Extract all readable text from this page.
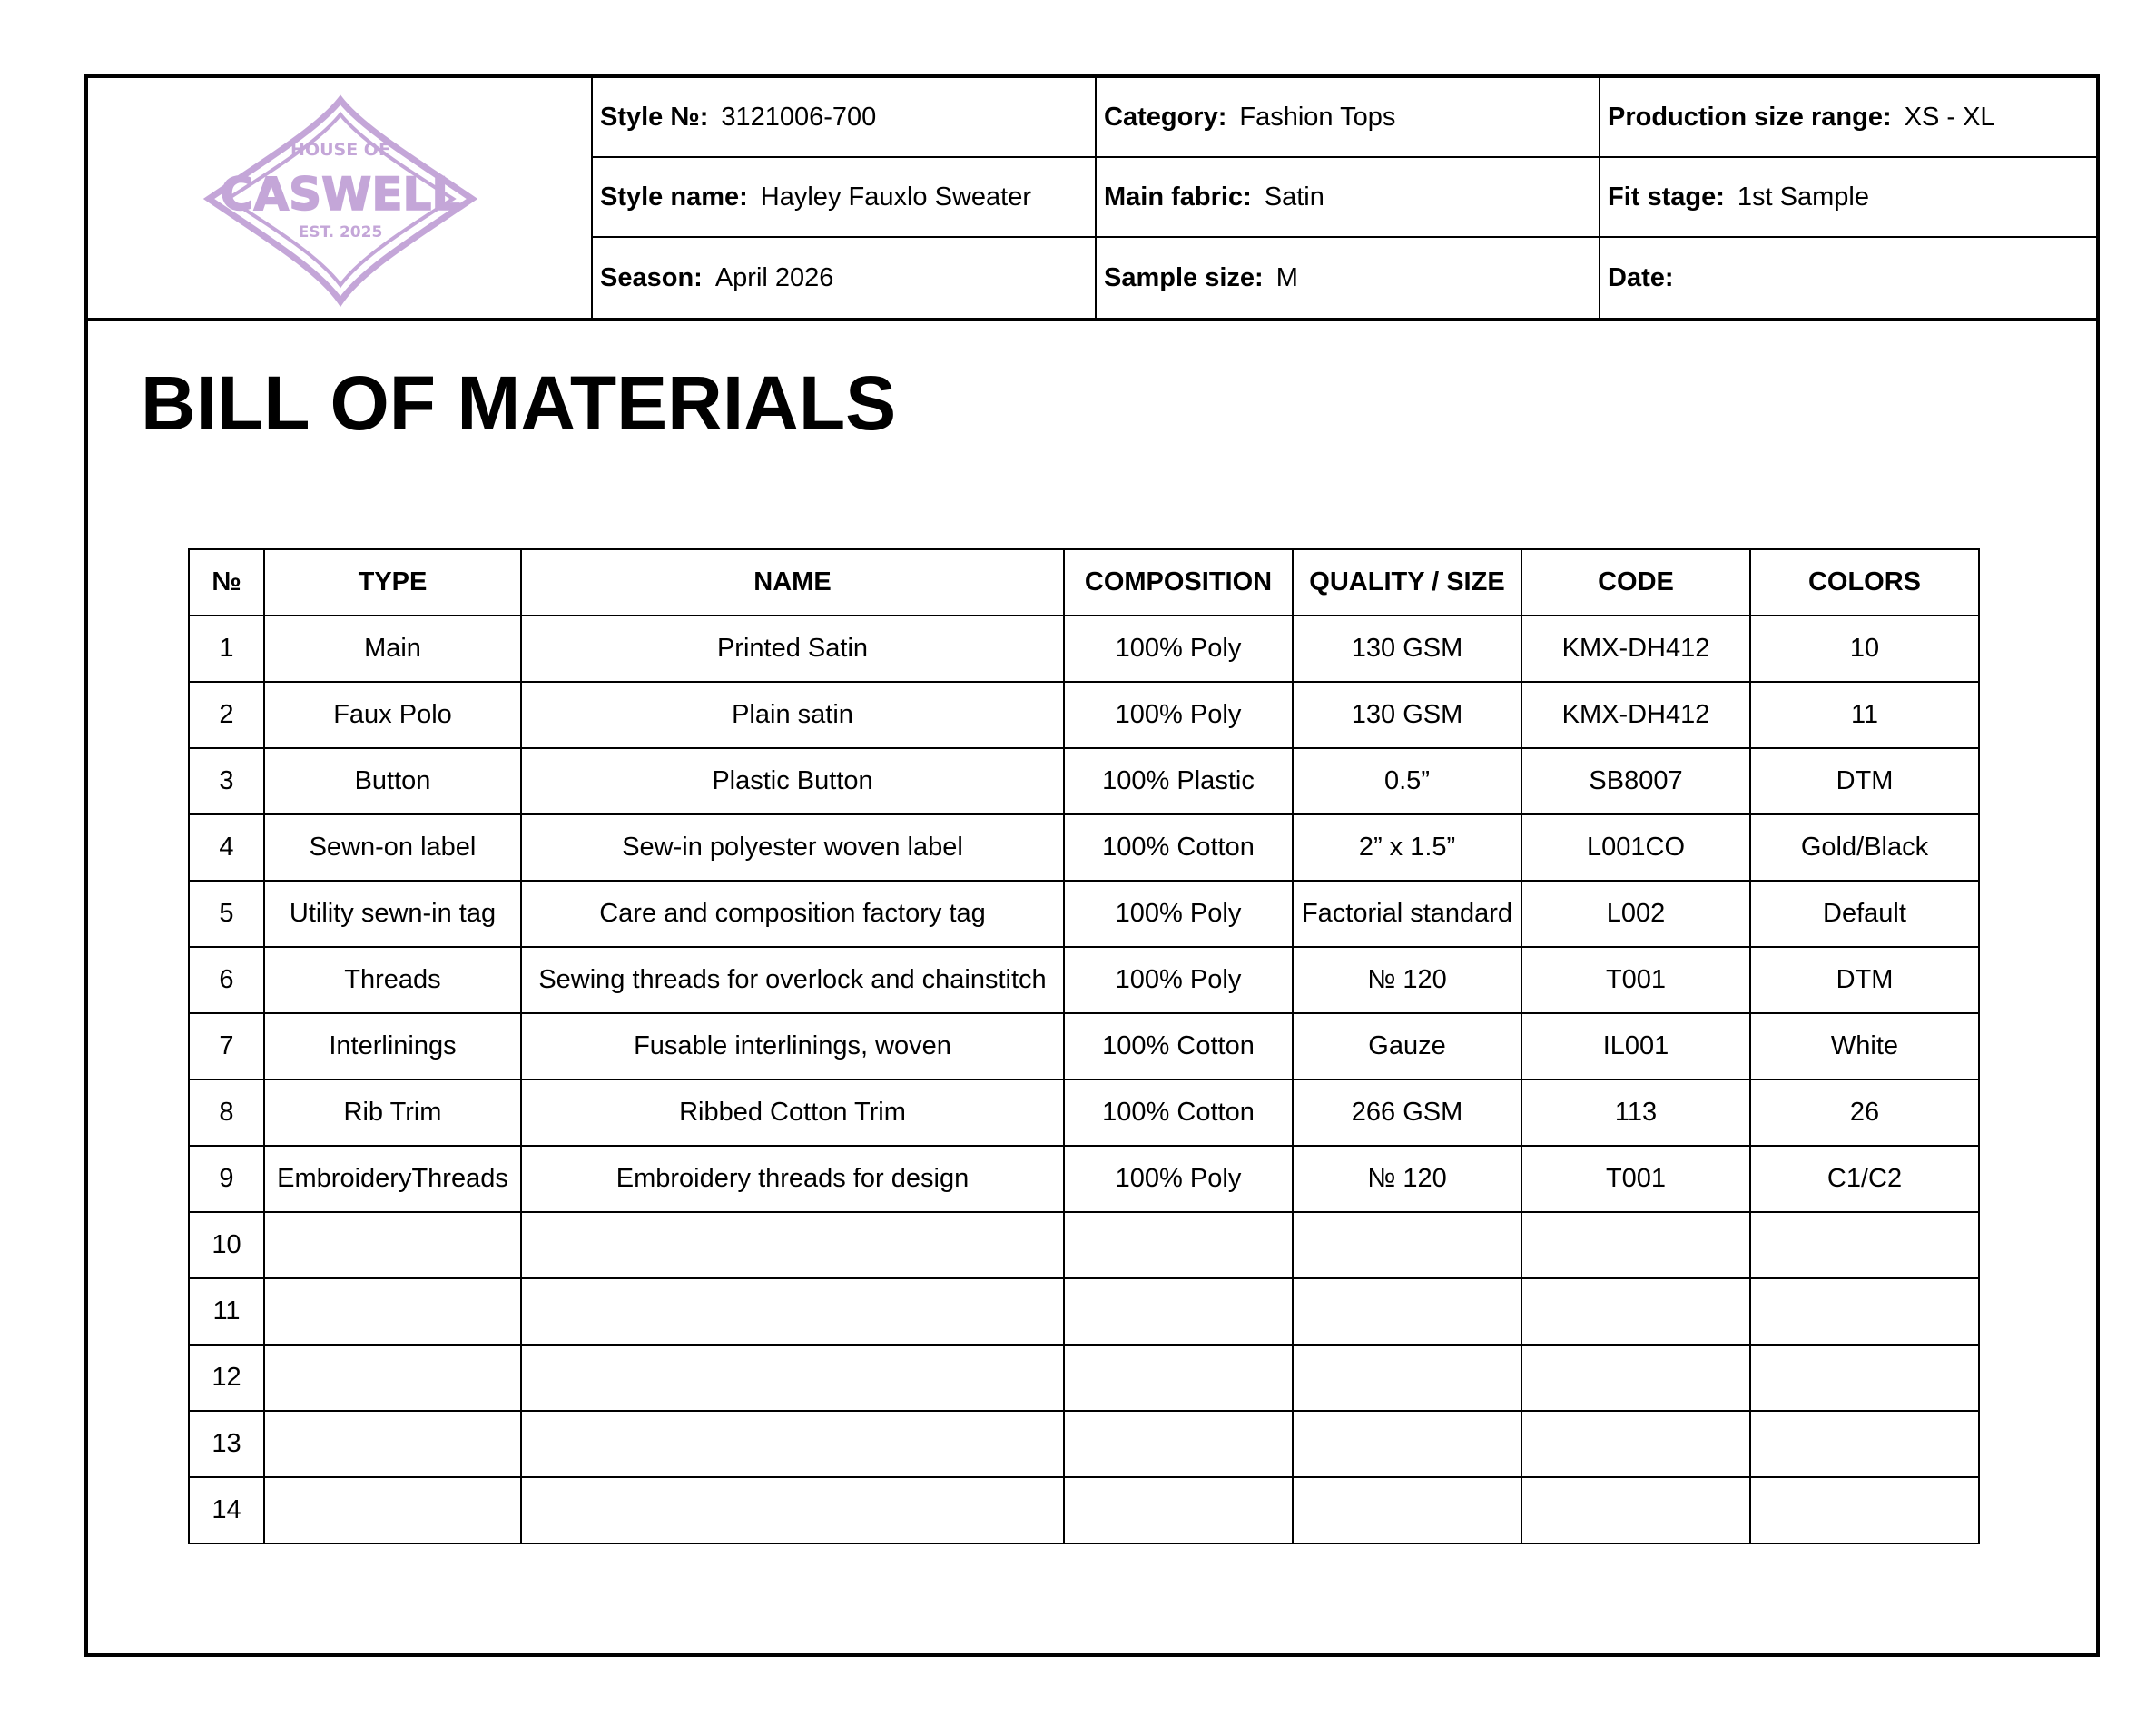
HOUSE OF
CASWELL
EST. 2025
Style №: 3121006-700	Category: Fashion Tops	Production size range: XS - XL
Style name: Hayley Fauxlo Sweater	Main fabric: Satin	Fit stage: 1st Sample
Season: April 2026	Sample size: M	Date:
BILL OF MATERIALS
№	TYPE	NAME	COMPOSITION	QUALITY / SIZE	CODE	COLORS
1	Main	Printed Satin	100% Poly	130 GSM	KMX-DH412	10
2	Faux Polo	Plain satin	100% Poly	130 GSM	KMX-DH412	11
3	Button	Plastic Button	100% Plastic	0.5”	SB8007	DTM
4	Sewn-on label	Sew-in polyester woven label	100% Cotton	2” x 1.5”	L001CO	Gold/Black
5	Utility sewn-in tag	Care and composition factory tag	100% Poly	Factorial standard	L002	Default
6	Threads	Sewing threads for overlock and chainstitch	100% Poly	№ 120	T001	DTM
7	Interlinings	Fusable interlinings, woven	100% Cotton	Gauze	IL001	White
8	Rib Trim	Ribbed Cotton Trim	100% Cotton	266 GSM	113	26
9	EmbroideryThreads	Embroidery threads for design	100% Poly	№ 120	T001	C1/C2
10						
11						
12						
13						
14						
